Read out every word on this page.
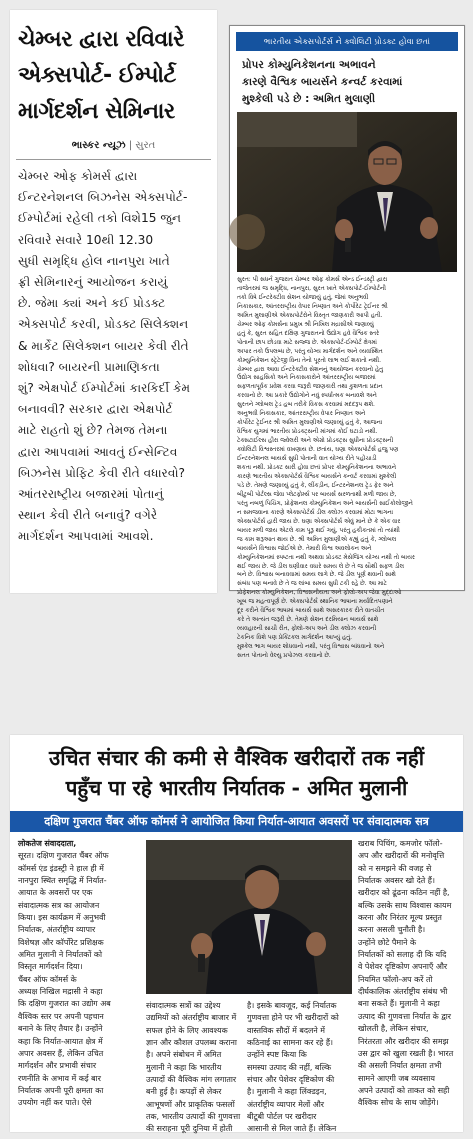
ચેમ્બર દ્વારા રવિવારે
એક્સપોર્ટ- ઈમ્પોર્ટ
માર્ગદર્શન સેમિનાર
ભાસ્કર ન્યૂઝ | સુરત
ચેમ્બર ઓફ કોમર્સ દ્વારા
ઈન્ટરનેશનલ બિઝનેસ એક્સપોર્ટ-
ઈમ્પોર્ટમાં રહેલી તકો વિશે15 જુન
રવિવારે સવારે 10થી 12.30
સુધી સમૃદ્ધિ હોલ નાનપુરા ખાતે
ફ્રી સેમિનારનું આયોજન કરાયું
છે. જેમા ક્યાં અને કઈ પ્રોડક્ટ
એક્સપોર્ટ કરવી, પ્રોડક્ટ સિલેક્શન
& માર્કેટ સિલેક્શન બાયર કેવી રીતે
શોધવા? બાયરની પ્રામાણિકતા
શું? એક્ષપોર્ટ ઈમ્પોર્ટમાં કારકિર્દી કેમ
બનાવવી? સરકાર દ્વારા એક્ષપોર્ટ
માટે રાહતો શું છે? તેમજ તેમના
દ્વારા આપવામાં આવતું ઈન્સેન્ટિવ
બિઝનેસ પ્રોફિટ કેવી રીતે વધારવો?
આંતરરાષ્ટ્રીય બજારમાં પોતાનું
સ્થાન કેવી રીતે બનાવું? વગેરે
માર્ગદર્શન આપવામાં આવશે.
ભારતીય એક્સપોર્ટર્સ ને ક્વોલિટી પ્રોડક્ટ હોવા છતાં
પ્રોપર કોમ્યુનિકેશનના અભાવને
કારણે વૈશ્વિક બાયર્સને કન્વર્ટ કરવામાં
મુશ્કેલી પડે છે : અમિત મુલાણી
સુરત: પી સધર્ન ગુજરાત ચેમ્બર ઓફ કોમર્સ એન્ડ ઈન્ડસ્ટ્રી દ્વારા
તાજેતરમાં જ સમૃદ્ધિ, નાનપુરા, સુરત ખાતે એક્સપોર્ટ-ઈમ્પોર્ટની
તકો વિષે ઈન્ટરેક્ટીવ સેશન યોજાયું હતું, જેમાં અનુભવી
નિકાસકાર, આંતરરાષ્ટ્રીય વેપાર નિષ્ણાત અને કોર્પોરેટ ટ્રેઈનર શ્રી
અમિત મુલાણીએ એક્સપોર્ટરોને વિસ્તૃત જાણકારી આપી હતી.
ચેમ્બર ઓફ કોમર્સના પ્રમુખ શ્રી નિખિલ મદ્રાસીએ જણાવ્યું
હતું કે, સુરત સહિત દક્ષિણ ગુજરાતનો ઉદ્યોગ હવે વૈશ્વિક સ્તરે
પોતાની છાપ છોડવા માટે સજ્જ છે. એક્સપોર્ટ-ઈમ્પોર્ટ ક્ષેત્રમાં
અપાર તકો ઉપલબ્ધ છે, પરંતુ યોગ્ય માર્ગદર્શન અને વ્યવસ્થિત
કોમ્યુનિકેશન સ્ટ્રેટેજી વિના તેનો પૂરતો લાભ લઈ શકાતો નથી.
ચેમ્બર દ્વારા આવા ઈન્ટરેક્ટીવ સેશનનું આયોજન કરવાનો હેતુ
ઉદ્યોગ સાહસિકો અને નિકાસકારોને આંતરરાષ્ટ્રીય બજારમાં
સફળતાપૂર્વક પ્રવેશ કરવા જરૂરી જાણકારી તથા કુશળતા પ્રદાન
કરવાનો છે. આ પ્રકારે ઉદ્યોગોને નવું સ્પર્ધાત્મક બનાવશે અને
સુરતને ગ્લોબલ ટ્રેડ હબ તરીકે વિકસ કરવામાં મદદરૂપ થશે.
અનુભવી નિકાસકાર, આંતરરાષ્ટ્રીય વેપાર નિષ્ણાત અને
કોર્પોરેટ ટ્રેઈનર શ્રી અમિત મુલાણીએ જણાવ્યું હતું કે, આજના
વૈશ્વિક યુગમાં ભારતીય પ્રોડક્ટ્સની માંગમાં કોઈ ઘટાડો નથી.
ટેક્સટાઈલ્સ હીરા જ્વેલરી અને એગ્રો પ્રોડક્ટ્સ સુધીના પ્રોડક્ટ્સની
ક્વોલિટી વિશ્વસ્તરમાં વખણાય છે. છતાંય, ઘણા એક્સપોર્ટર્સ હજુ પણ
ઈન્ટરનેશનલ બાયર્સ સુધી પોતાની વાત યોગ્ય રીતે પહોંચાડી
શકતા નથી. પ્રોડક્ટ સારી હોવા છતાં પ્રોપર કોમ્યુનિકેશનના અભાવને
કારણે ભારતીય એક્સપોર્ટર્સ વૈશ્વિક બાયર્સને કન્વર્ટ કરવામાં મુશ્કેલી
પડે છે. તેમણે જણાવ્યું હતું કે, લીંકડ઼ીન, ઈન્ટરનેશનલ ટ્રેડ ફેર અને
બીટુબી પોર્ટલ્સ જેવા પ્લેટફોર્મ્સ પર બાયર્સ સરળતાથી મળી જાય છે,
પરંતુ નબળું પિચિંગ, પ્રોફેશનલ કોમ્યુનિકેશન અને બાયર્સની સાઈકોલોજીને
ન સમજવાના કારણે એક્સપોર્ટર્સ ડીલ ક્લોઝ કરવામાં મોટા ભાગના
એક્સપોર્ટર્સ હારી જાય છે. ઘણા એક્સપોર્ટર્સ એવું માને છે કે એક વાર
બાયર મળી જાય એટલે કામ પૂરૂ થઈ ગયું, પરંતુ હકીકતમાં તો ત્યાંથી
જ કામ શરૂઆત થાય છે. શ્રી અમિત મુલાણીએ કહ્યું હતું કે, ગ્લોબલ
બાયર્સને વિશ્વાસ જોઈએ છે. તેમારી વિશ્વ અવલોકન અને
કોમ્યુનિકેશનમાં સ્પષ્ટતા નથી અથવા પ્રોડક્ટ મેસેજિંગ યોગ્ય નથી તો બાયર
થઈ જાય છે. જે ડીલ ઘણીવાર વધારે સમય લે છે તે જ સૌથી સફળ ડીલ
બને છે. વિશ્વાસ બનાવવામાં સમય લાગે છે. જે ડીલ પૂર્ણ થવાની સાથે
સંબંધ પણ બનાવે છે તે જ લાંબા સમય સુધી ટકી રહે છે. આ માટે
પ્રોફેશનલ કોમ્યુનિકેશન, વિશ્વસનીયતા અને ફોલો-અપ જેવા મુદ્દાઓ
ખૂબ જ મહત્વપૂર્ણ છે. એક્સપોર્ટર્સ સ્થાનિક ભાષાના મર્યાદિતપણાને
દૂર કરીને વૈશ્વિક ભાષામાં બાયર્સ સાથે અસરકારક રીતે વાતચીત
કરે તે અત્યંત જરૂરી છે. તેમણે સેશન દરમિયાન બાયર્સ સાથે
વ્યવહારની સાચી રીત, ફોલો-અપ અને ડીલ ક્લોઝ કરવાની
ટેકનિક વિશે પણ પ્રેક્ટિકલ માર્ગદર્શન આપ્યું હતું.
મુશ્કેલ ભાગ બાયર શોધવાનો નથી, પરંતુ વિશ્વાસ બાંધવાનો અને
સતત પોતાનો વેલ્યુ પ્રપોઝલ કરવાનો છે.
उचित संचार की कमी से वैश्विक खरीदारों तक नहीं
पहुँच पा रहे भारतीय निर्यातक - अमित मुलानी
दक्षिण गुजरात चैंबर ऑफ कॉमर्स ने आयोजित किया निर्यात-आयात अवसरों पर संवादात्मक सत्र
लोकतेज संवाददाता,
सूरत। दक्षिण गुजरात चैंबर ऑफ
कॉमर्स एंड इंडस्ट्री ने हाल ही में
नानपुरा स्थित समृद्धि में निर्यात-
आयात के अवसरों पर एक
संवादात्मक सत्र का आयोजन
किया। इस कार्यक्रम में अनुभवी
निर्यातक, अंतर्राष्ट्रीय व्यापार
विशेषज्ञ और कॉर्पोरेट प्रशिक्षक
अमित मुलानी ने निर्यातकों को
विस्तृत मार्गदर्शन दिया।
चैंबर ऑफ कॉमर्स के
अध्यक्ष निखिल मद्रासी ने कहा
कि दक्षिण गुजरात का उद्योग अब
वैश्विक स्तर पर अपनी पहचान
बनाने के लिए तैयार है। उन्होंने
कहा कि निर्यात-आयात क्षेत्र में
अपार अवसर हैं, लेकिन उचित
मार्गदर्शन और प्रभावी संचार
रणनीति के अभाव में कई बार
निर्यातक अपनी पूरी क्षमता का
उपयोग नहीं कर पाते। ऐसे
संवादात्मक सत्रों का उद्देश्य
उद्यमियों को अंतर्राष्ट्रीय बाजार में
सफल होने के लिए आवश्यक
ज्ञान और कौशल उपलब्ध कराना
है। अपने संबोधन में अमित
मुलानी ने कहा कि भारतीय
उत्पादों की वैश्विक मांग लगातार
बनी हुई है। कपड़ों से लेकर
आभूषणों और प्राकृतिक फसलों
तक, भारतीय उत्पादों की गुणवत्ता
की सराहना पूरी दुनिया में होती
है। इसके बावजूद, कई निर्यातक
गुणवत्ता होने पर भी खरीदारों को
वास्तविक सौदों में बदलने में
कठिनाई का सामना कर रहे हैं।
उन्होंने स्पष्ट किया कि
समस्या उत्पाद की नहीं, बल्कि
संचार और पेशेवर दृष्टिकोण की
है। मुलानी ने कहा लिंक्डइन,
अंतर्राष्ट्रीय व्यापार मेलों और
बीटूबी पोर्टल पर खरीदार
आसानी से मिल जाते हैं। लेकिन
खराब पिचिंग, कमजोर फॉलो-
अप और खरीदारों की मनोवृत्ति
को न समझने की वजह से
निर्यातक अवसर खो देते हैं।
खरीदार को ढूंढना कठिन नहीं है,
बल्कि उसके साथ विश्वास कायम
करना और निरंतर मूल्य प्रस्तुत
करना असली चुनौती है।
उन्होंने छोटे पैमाने के
निर्यातकों को सलाह दी कि यदि
वे पेशेवर दृष्टिकोण अपनाएँ और
नियमित फॉलो-अप करें तो
दीर्घकालिक अंतर्राष्ट्रीय संबंध भी
बना सकते हैं। मुलानी ने कहा
उत्पाद की गुणवत्ता निर्यात के द्वार
खोलती है, लेकिन संचार,
निरंतरता और खरीदार की समझ
उस द्वार को खुला रखती है। भारत
की असली निर्यात क्षमता तभी
सामने आएगी जब व्यवसाय
अपने उत्पादों को ताकत को सही
वैश्विक सोच के साथ जोड़ेंगे।
